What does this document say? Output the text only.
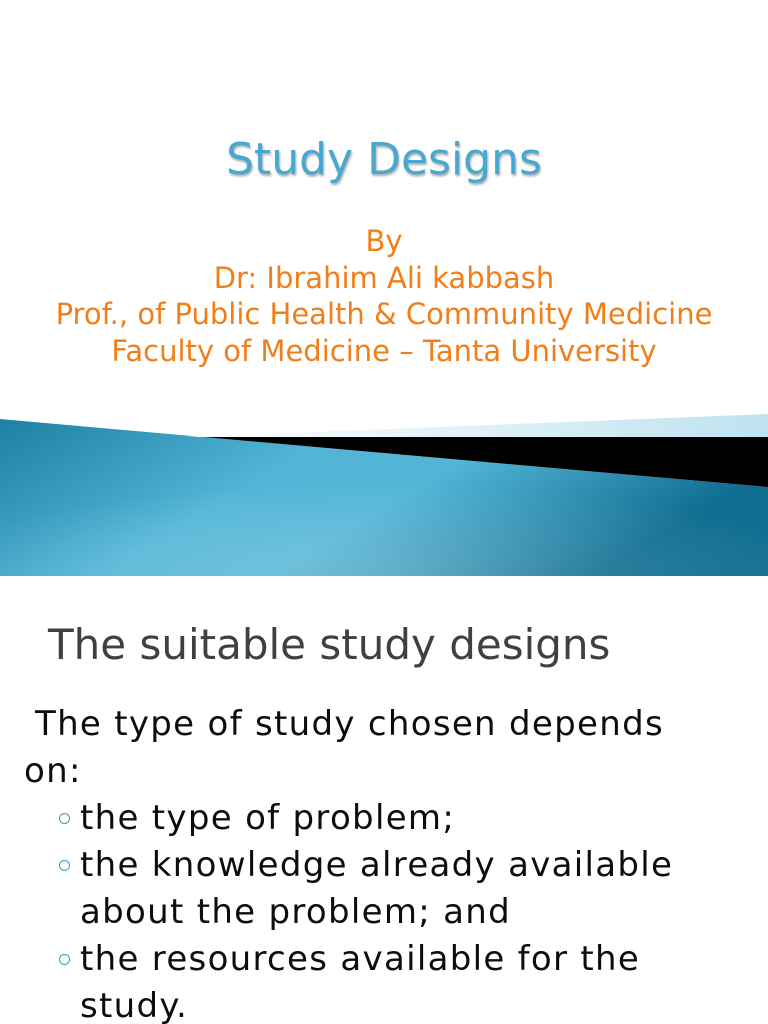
Study Designs
By
Dr: Ibrahim Ali kabbash
Prof., of Public Health & Community Medicine
Faculty of Medicine – Tanta University
The suitable study designs
The type of study chosen depends
on:
the type of problem;
the knowledge already available
about the problem; and
the resources available for the
study.
